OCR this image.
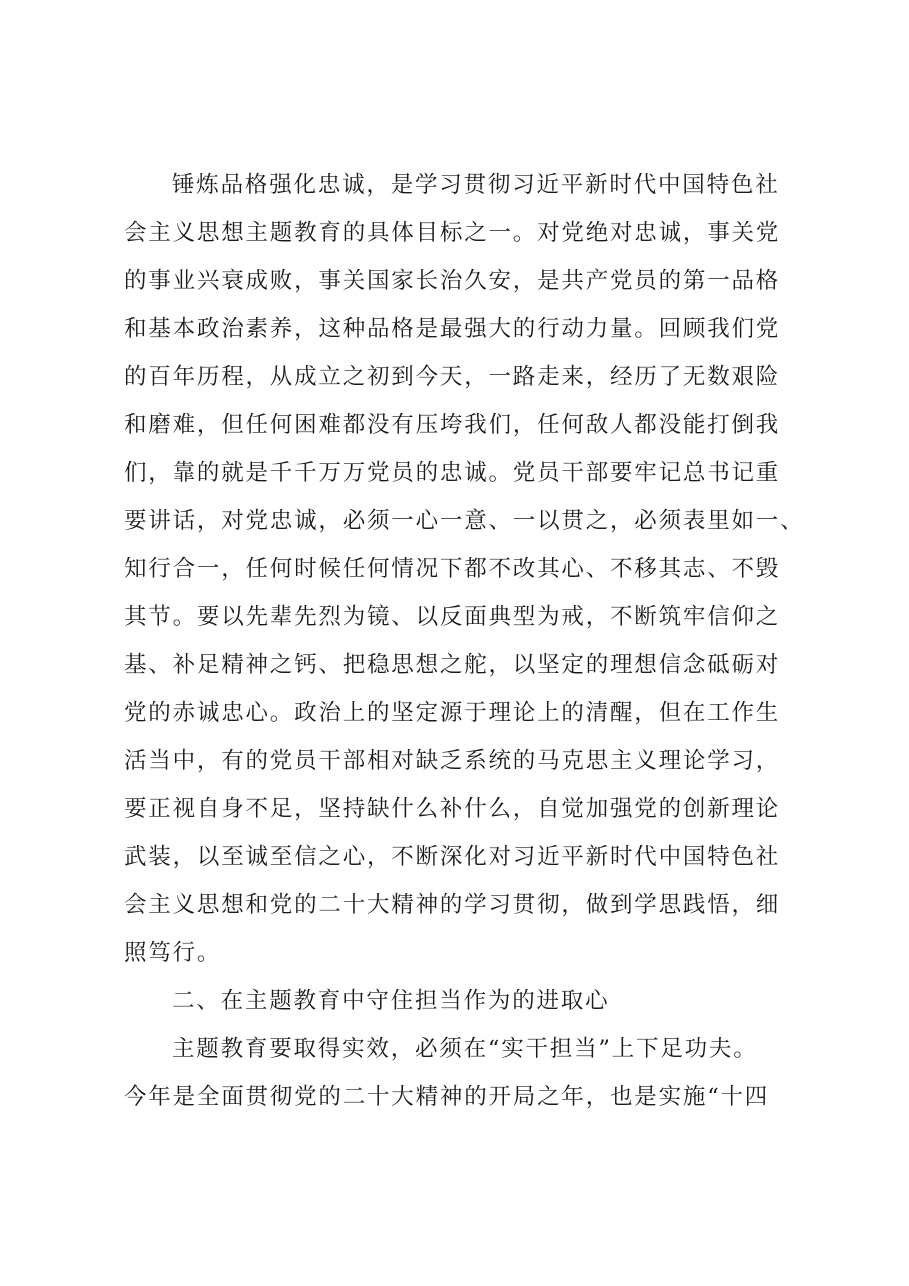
锤炼品格强化忠诚，是学习贯彻习近平新时代中国特色社
会主义思想主题教育的具体目标之一。对党绝对忠诚，事关党
的事业兴衰成败，事关国家长治久安，是共产党员的第一品格
和基本政治素养，这种品格是最强大的行动力量。回顾我们党
的百年历程，从成立之初到今天，一路走来，经历了无数艰险
和磨难，但任何困难都没有压垮我们，任何敌人都没能打倒我
们，靠的就是千千万万党员的忠诚。党员干部要牢记总书记重
要讲话，对党忠诚，必须一心一意、一以贯之，必须表里如一、
知行合一，任何时候任何情况下都不改其心、不移其志、不毁
其节。要以先辈先烈为镜、以反面典型为戒，不断筑牢信仰之
基、补足精神之钙、把稳思想之舵，以坚定的理想信念砥砺对
党的赤诚忠心。政治上的坚定源于理论上的清醒，但在工作生
活当中，有的党员干部相对缺乏系统的马克思主义理论学习，
要正视自身不足，坚持缺什么补什么，自觉加强党的创新理论
武装，以至诚至信之心，不断深化对习近平新时代中国特色社
会主义思想和党的二十大精神的学习贯彻，做到学思践悟，细
照笃行。
二、在主题教育中守住担当作为的进取心
主题教育要取得实效，必须在“实干担当”上下足功夫。
今年是全面贯彻党的二十大精神的开局之年，也是实施“十四
